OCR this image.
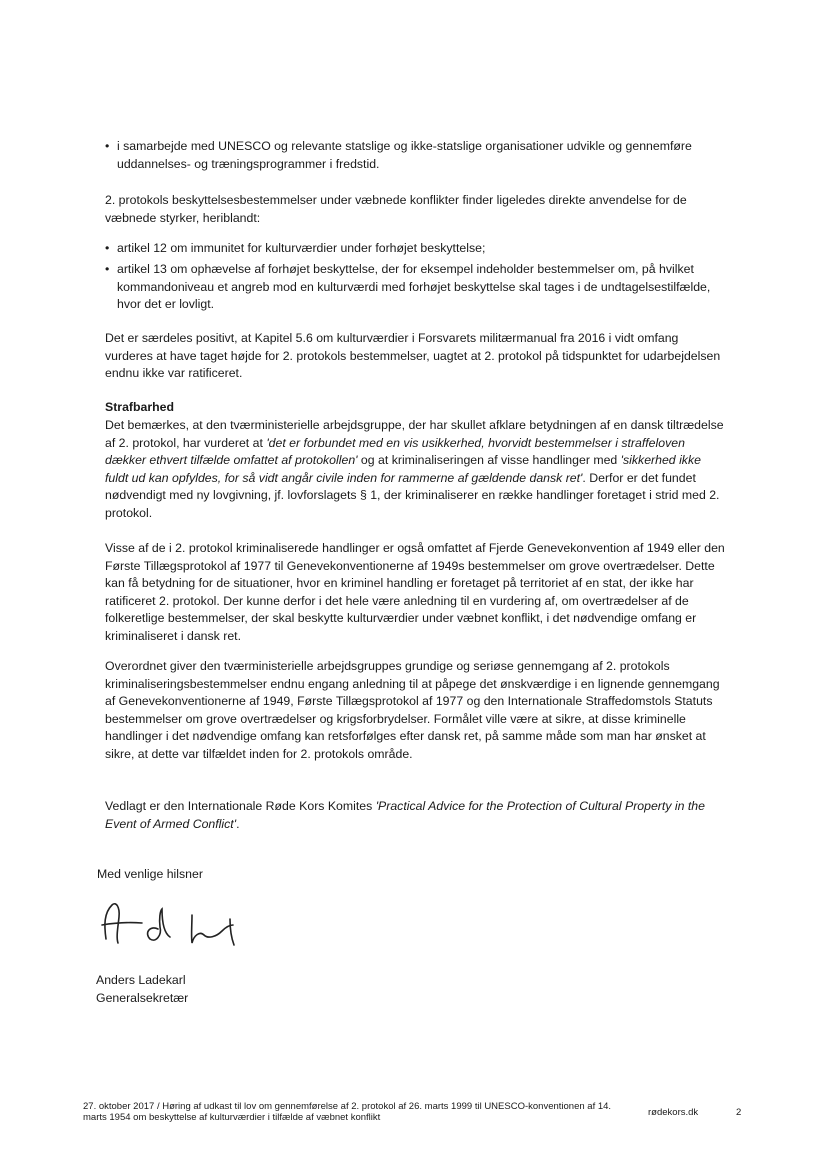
• i samarbejde med UNESCO og relevante statslige og ikke-statslige organisationer udvikle og gennemføre uddannelses- og træningsprogrammer i fredstid.
2. protokols beskyttelsesbestemmelser under væbnede konflikter finder ligeledes direkte anvendelse for de væbnede styrker, heriblandt:
• artikel 12 om immunitet for kulturværdier under forhøjet beskyttelse;
• artikel 13 om ophævelse af forhøjet beskyttelse, der for eksempel indeholder bestemmelser om, på hvilket kommandoniveau et angreb mod en kulturværdi med forhøjet beskyttelse skal tages i de undtagelsestilfælde, hvor det er lovligt.
Det er særdeles positivt, at Kapitel 5.6 om kulturværdier i Forsvarets militærmanual fra 2016 i vidt omfang vurderes at have taget højde for 2. protokols bestemmelser, uagtet at 2. protokol på tidspunktet for udarbejdelsen endnu ikke var ratificeret.
Strafbarhed
Det bemærkes, at den tværministerielle arbejdsgruppe, der har skullet afklare betydningen af en dansk tiltrædelse af 2. protokol, har vurderet at 'det er forbundet med en vis usikkerhed, hvorvidt bestemmelser i straffeloven dækker ethvert tilfælde omfattet af protokollen' og at kriminaliseringen af visse handlinger med 'sikkerhed ikke fuldt ud kan opfyldes, for så vidt angår civile inden for rammerne af gældende dansk ret'. Derfor er det fundet nødvendigt med ny lovgivning, jf. lovforslagets § 1, der kriminaliserer en række handlinger foretaget i strid med 2. protokol.
Visse af de i 2. protokol kriminaliserede handlinger er også omfattet af Fjerde Genevekonvention af 1949 eller den Første Tillægsprotokol af 1977 til Genevekonventionerne af 1949s bestemmelser om grove overtrædelser. Dette kan få betydning for de situationer, hvor en kriminel handling er foretaget på territoriet af en stat, der ikke har ratificeret 2. protokol. Der kunne derfor i det hele være anledning til en vurdering af, om overtrædelser af de folkeretlige bestemmelser, der skal beskytte kulturværdier under væbnet konflikt, i det nødvendige omfang er kriminaliseret i dansk ret.
Overordnet giver den tværministerielle arbejdsgruppes grundige og seriøse gennemgang af 2. protokols kriminaliseringsbestemmelser endnu engang anledning til at påpege det ønskværdige i en lignende gennemgang af Genevekonventionerne af 1949, Første Tillægsprotokol af 1977 og den Internationale Straffedomstols Statuts bestemmelser om grove overtrædelser og krigsforbrydelser. Formålet ville være at sikre, at disse kriminelle handlinger i det nødvendige omfang kan retsforfølges efter dansk ret, på samme måde som man har ønsket at sikre, at dette var tilfældet inden for 2. protokols område.
Vedlagt er den Internationale Røde Kors Komites 'Practical Advice for the Protection of Cultural Property in the Event of Armed Conflict'.
Med venlige hilsner
Anders Ladekarl
Generalsekretær
27. oktober 2017 / Høring af udkast til lov om gennemførelse af 2. protokol af 26. marts 1999 til UNESCO-konventionen af 14. marts 1954 om beskyttelse af kulturværdier i tilfælde af væbnet konflikt	rødekors.dk	2
